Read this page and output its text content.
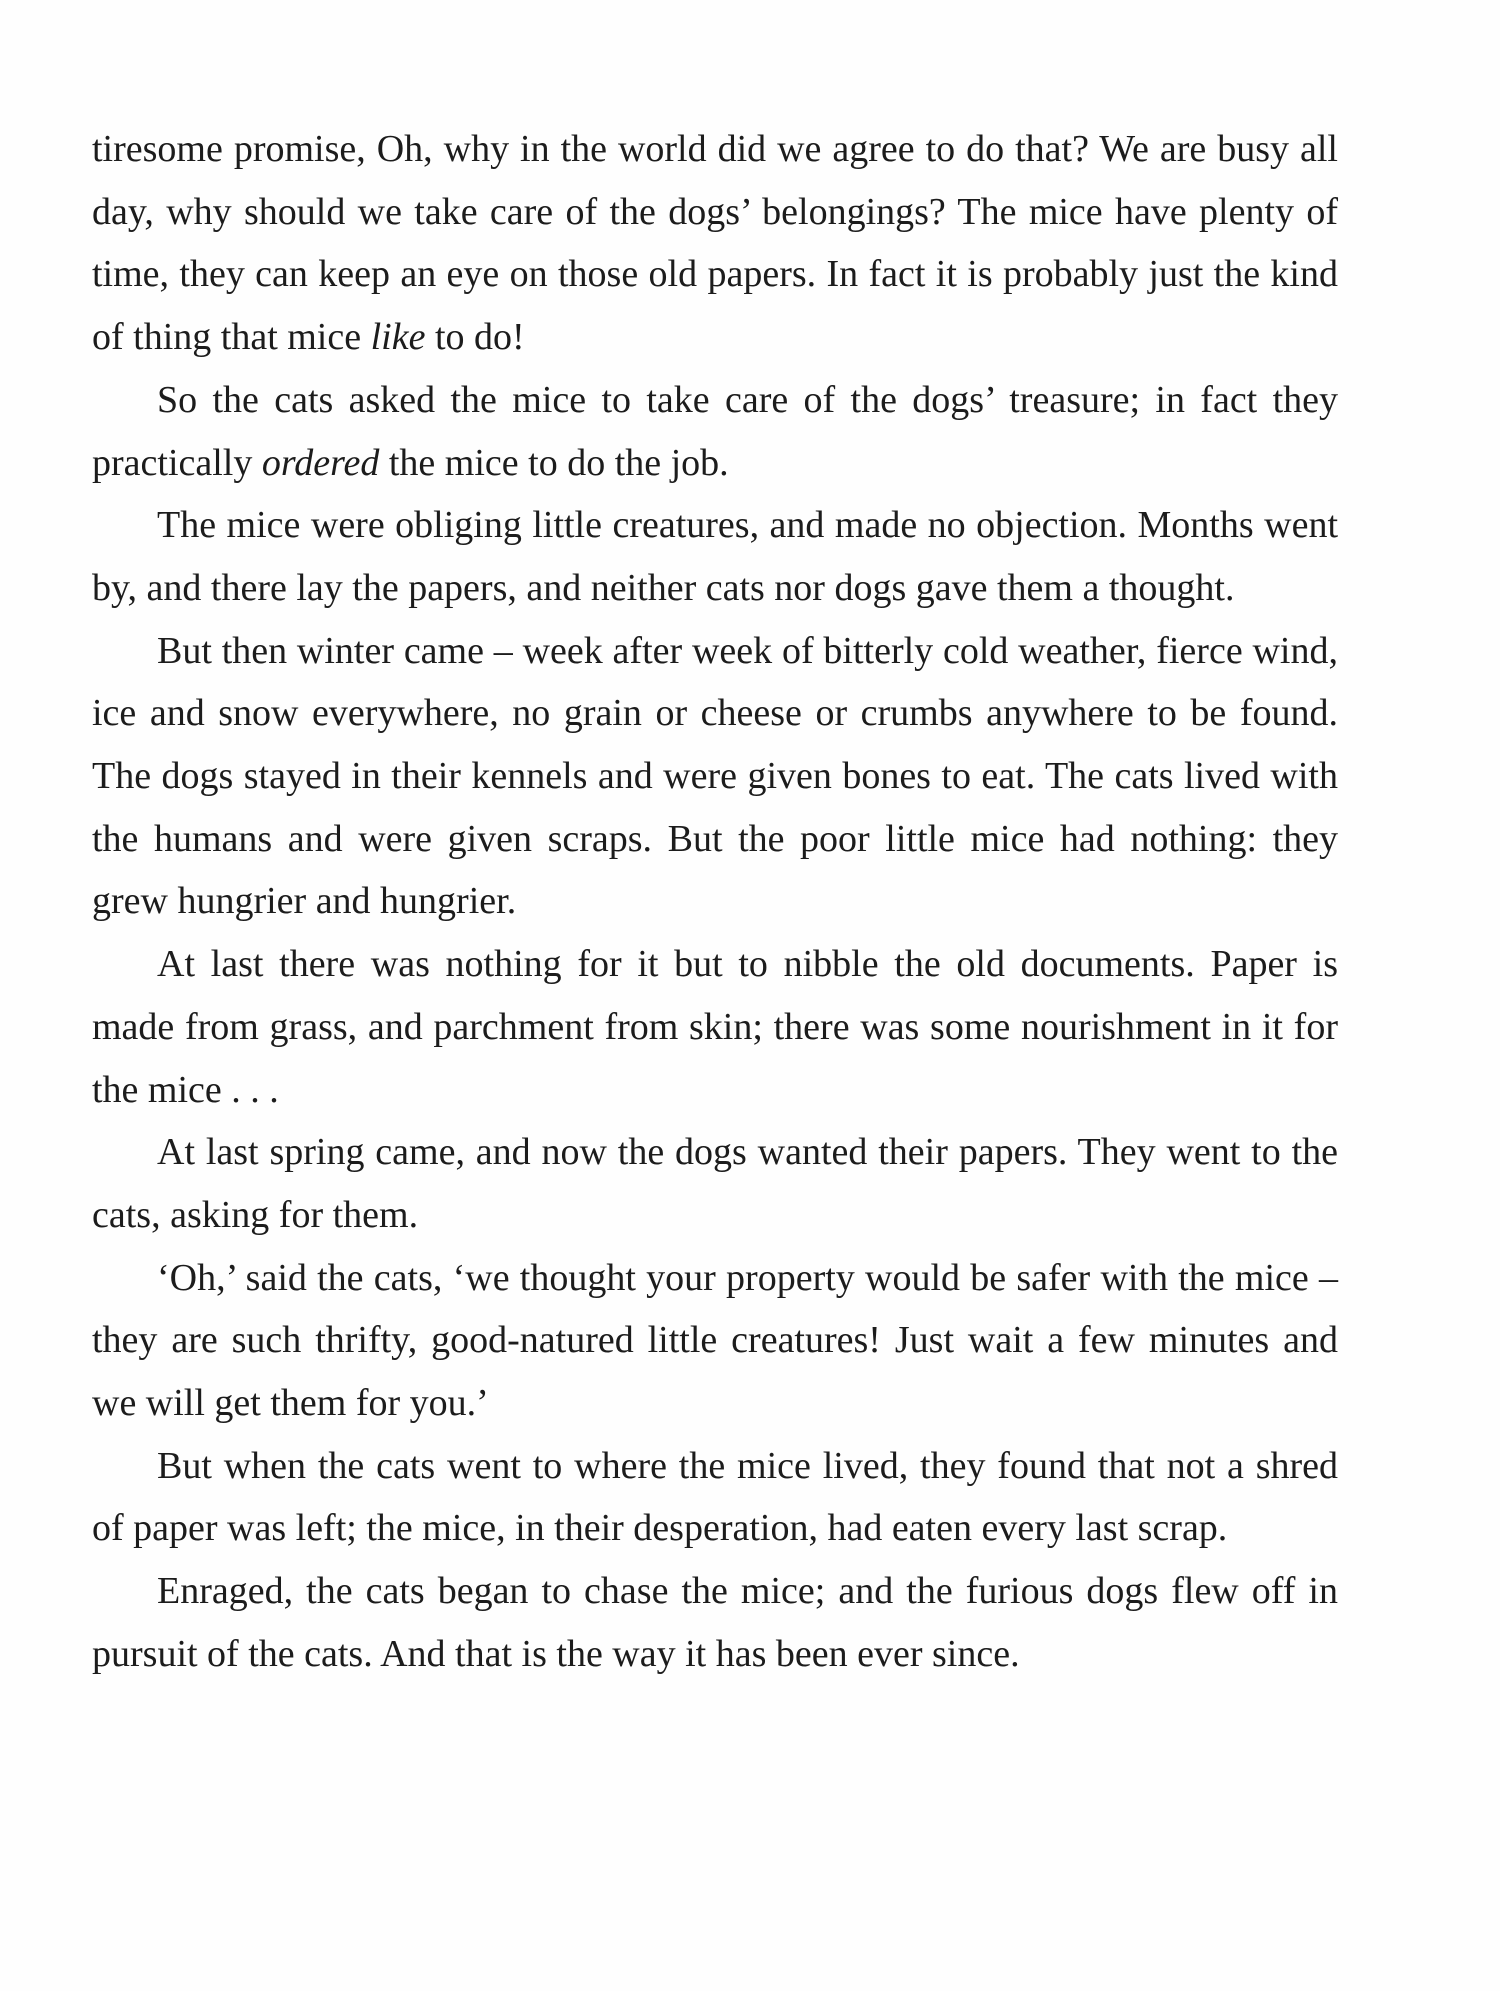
tiresome promise, Oh, why in the world did we agree to do that? We are busy all day, why should we take care of the dogs’ belongings? The mice have plenty of time, they can keep an eye on those old papers. In fact it is probably just the kind of thing that mice like to do!

So the cats asked the mice to take care of the dogs’ treasure; in fact they practically ordered the mice to do the job.

The mice were obliging little creatures, and made no objection. Months went by, and there lay the papers, and neither cats nor dogs gave them a thought.

But then winter came – week after week of bitterly cold weather, fierce wind, ice and snow everywhere, no grain or cheese or crumbs anywhere to be found. The dogs stayed in their kennels and were given bones to eat. The cats lived with the humans and were given scraps. But the poor little mice had nothing: they grew hungrier and hungrier.

At last there was nothing for it but to nibble the old documents. Paper is made from grass, and parchment from skin; there was some nourishment in it for the mice . . .

At last spring came, and now the dogs wanted their papers. They went to the cats, asking for them.

‘Oh,’ said the cats, ‘we thought your property would be safer with the mice – they are such thrifty, good-natured little creatures! Just wait a few minutes and we will get them for you.’

But when the cats went to where the mice lived, they found that not a shred of paper was left; the mice, in their desperation, had eaten every last scrap.

Enraged, the cats began to chase the mice; and the furious dogs flew off in pursuit of the cats. And that is the way it has been ever since.
